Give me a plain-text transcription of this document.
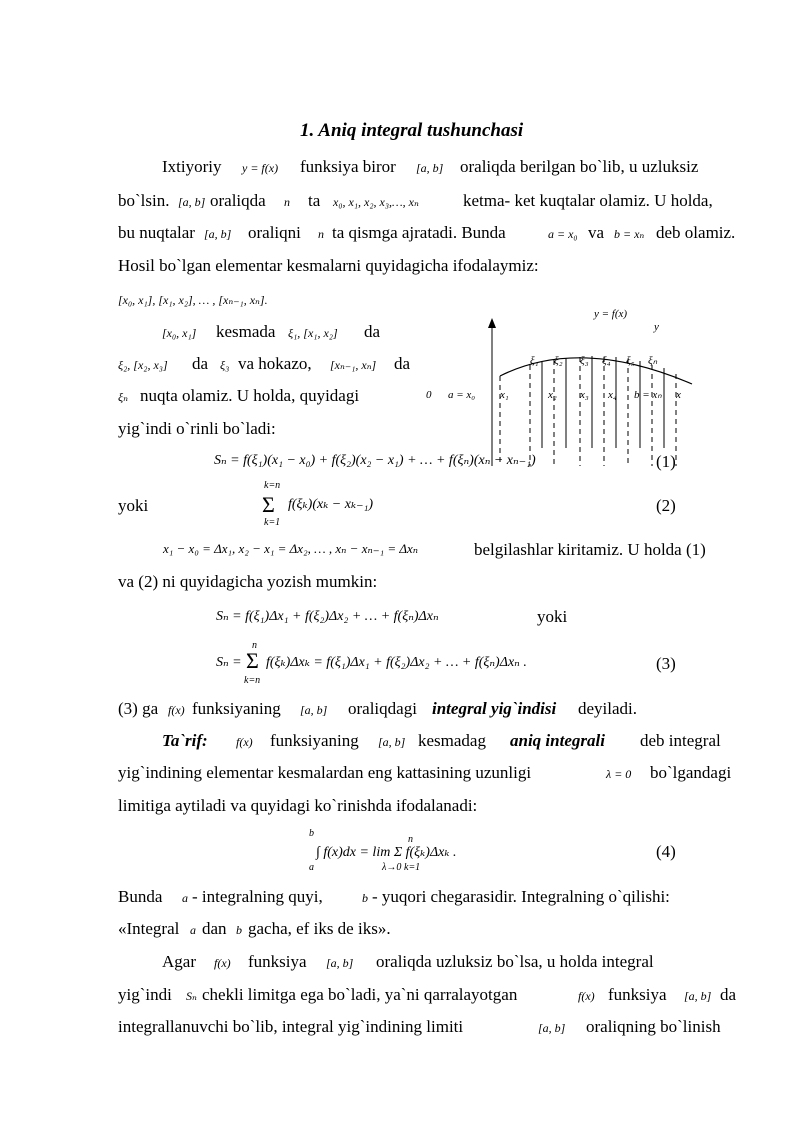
1. Aniq integral tushunchasi
Ixtiyoriy y = f(x) funksiya biror [a, b] oraliqda berilgan bo`lib, u uzluksiz
bo`lsin. [a, b] oraliqda n ta x₀, x₁, x₂, x₃,…, xₙ	ketma- ket kuqtalar olamiz. U holda,
bu nuqtalar [a, b] oraliqni n ta qismga ajratadi. Bunda	a = x₀ va b = xₙ deb olamiz.
Hosil bo`lgan elementar kesmalarni quyidagicha ifodalaymiz:
[x₀, x₁], [x₁, x₂], … , [xₙ₋₁, xₙ].
[x₀, x₁] kesmada ξ₁, [x₁, x₂] da
ξ₂, [x₂, x₃] da ξ₃ va hokazo, [xₙ₋₁, xₙ] da
ξₙ nuqta olamiz. U holda, quyidagi
yig`indi o`rinli bo`ladi:
y
y = f(x)
0 a = x₀ x₁	x₂ x₃ x₄ b = xₙ x
ξ₁ ξ₂ ξ₃ ξ₄ ξ₅ ξₙ
Sₙ = f(ξ₁)(x₁ − x₀) + f(ξ₂)(x₂ − x₁) + … + f(ξₙ)(xₙ − xₙ₋₁)	(1)
yoki
k=n
Σ
k=1
f(ξₖ)(xₖ − xₖ₋₁)	(2)
x₁ − x₀ = Δx₁, x₂ − x₁ = Δx₂, … , xₙ − xₙ₋₁ = Δxₙ	belgilashlar kiritamiz. U holda (1)
va (2) ni quyidagicha yozish mumkin:
Sₙ = f(ξ₁)Δx₁ + f(ξ₂)Δx₂ + … + f(ξₙ)Δxₙ	yoki
Sₙ =
n
Σ
k=n
f(ξₖ)Δxₖ = f(ξ₁)Δx₁ + f(ξ₂)Δx₂ + … + f(ξₙ)Δxₙ .	(3)
(3) ga f(x) funksiyaning [a, b] oraliqdagi integral yig`indisi deyiladi.
Ta`rif: f(x) funksiyaning [a, b] kesmadag aniq integrali deb integral
yig`indining elementar kesmalardan eng kattasining uzunligi	λ = 0 bo`lgandagi
limitiga aytiladi va quyidagi ko`rinishda ifodalanadi:
b
a
n
∫ f(x)dx = lim Σ f(ξₖ)Δxₖ .
λ→0 k=1
(4)
Bunda a - integralning quyi,	b - yuqori chegarasidir. Integralning o`qilishi:
«Integral a dan b gacha, ef iks de iks».
Agar f(x) funksiya [a, b] oraliqda uzluksiz bo`lsa, u holda integral
yig`indi Sₙ chekli limitga ega bo`ladi, ya`ni qarralayotgan	f(x) funksiya [a, b] da
integrallanuvchi bo`lib, integral yig`indining limiti	[a, b] oraliqning bo`linish
